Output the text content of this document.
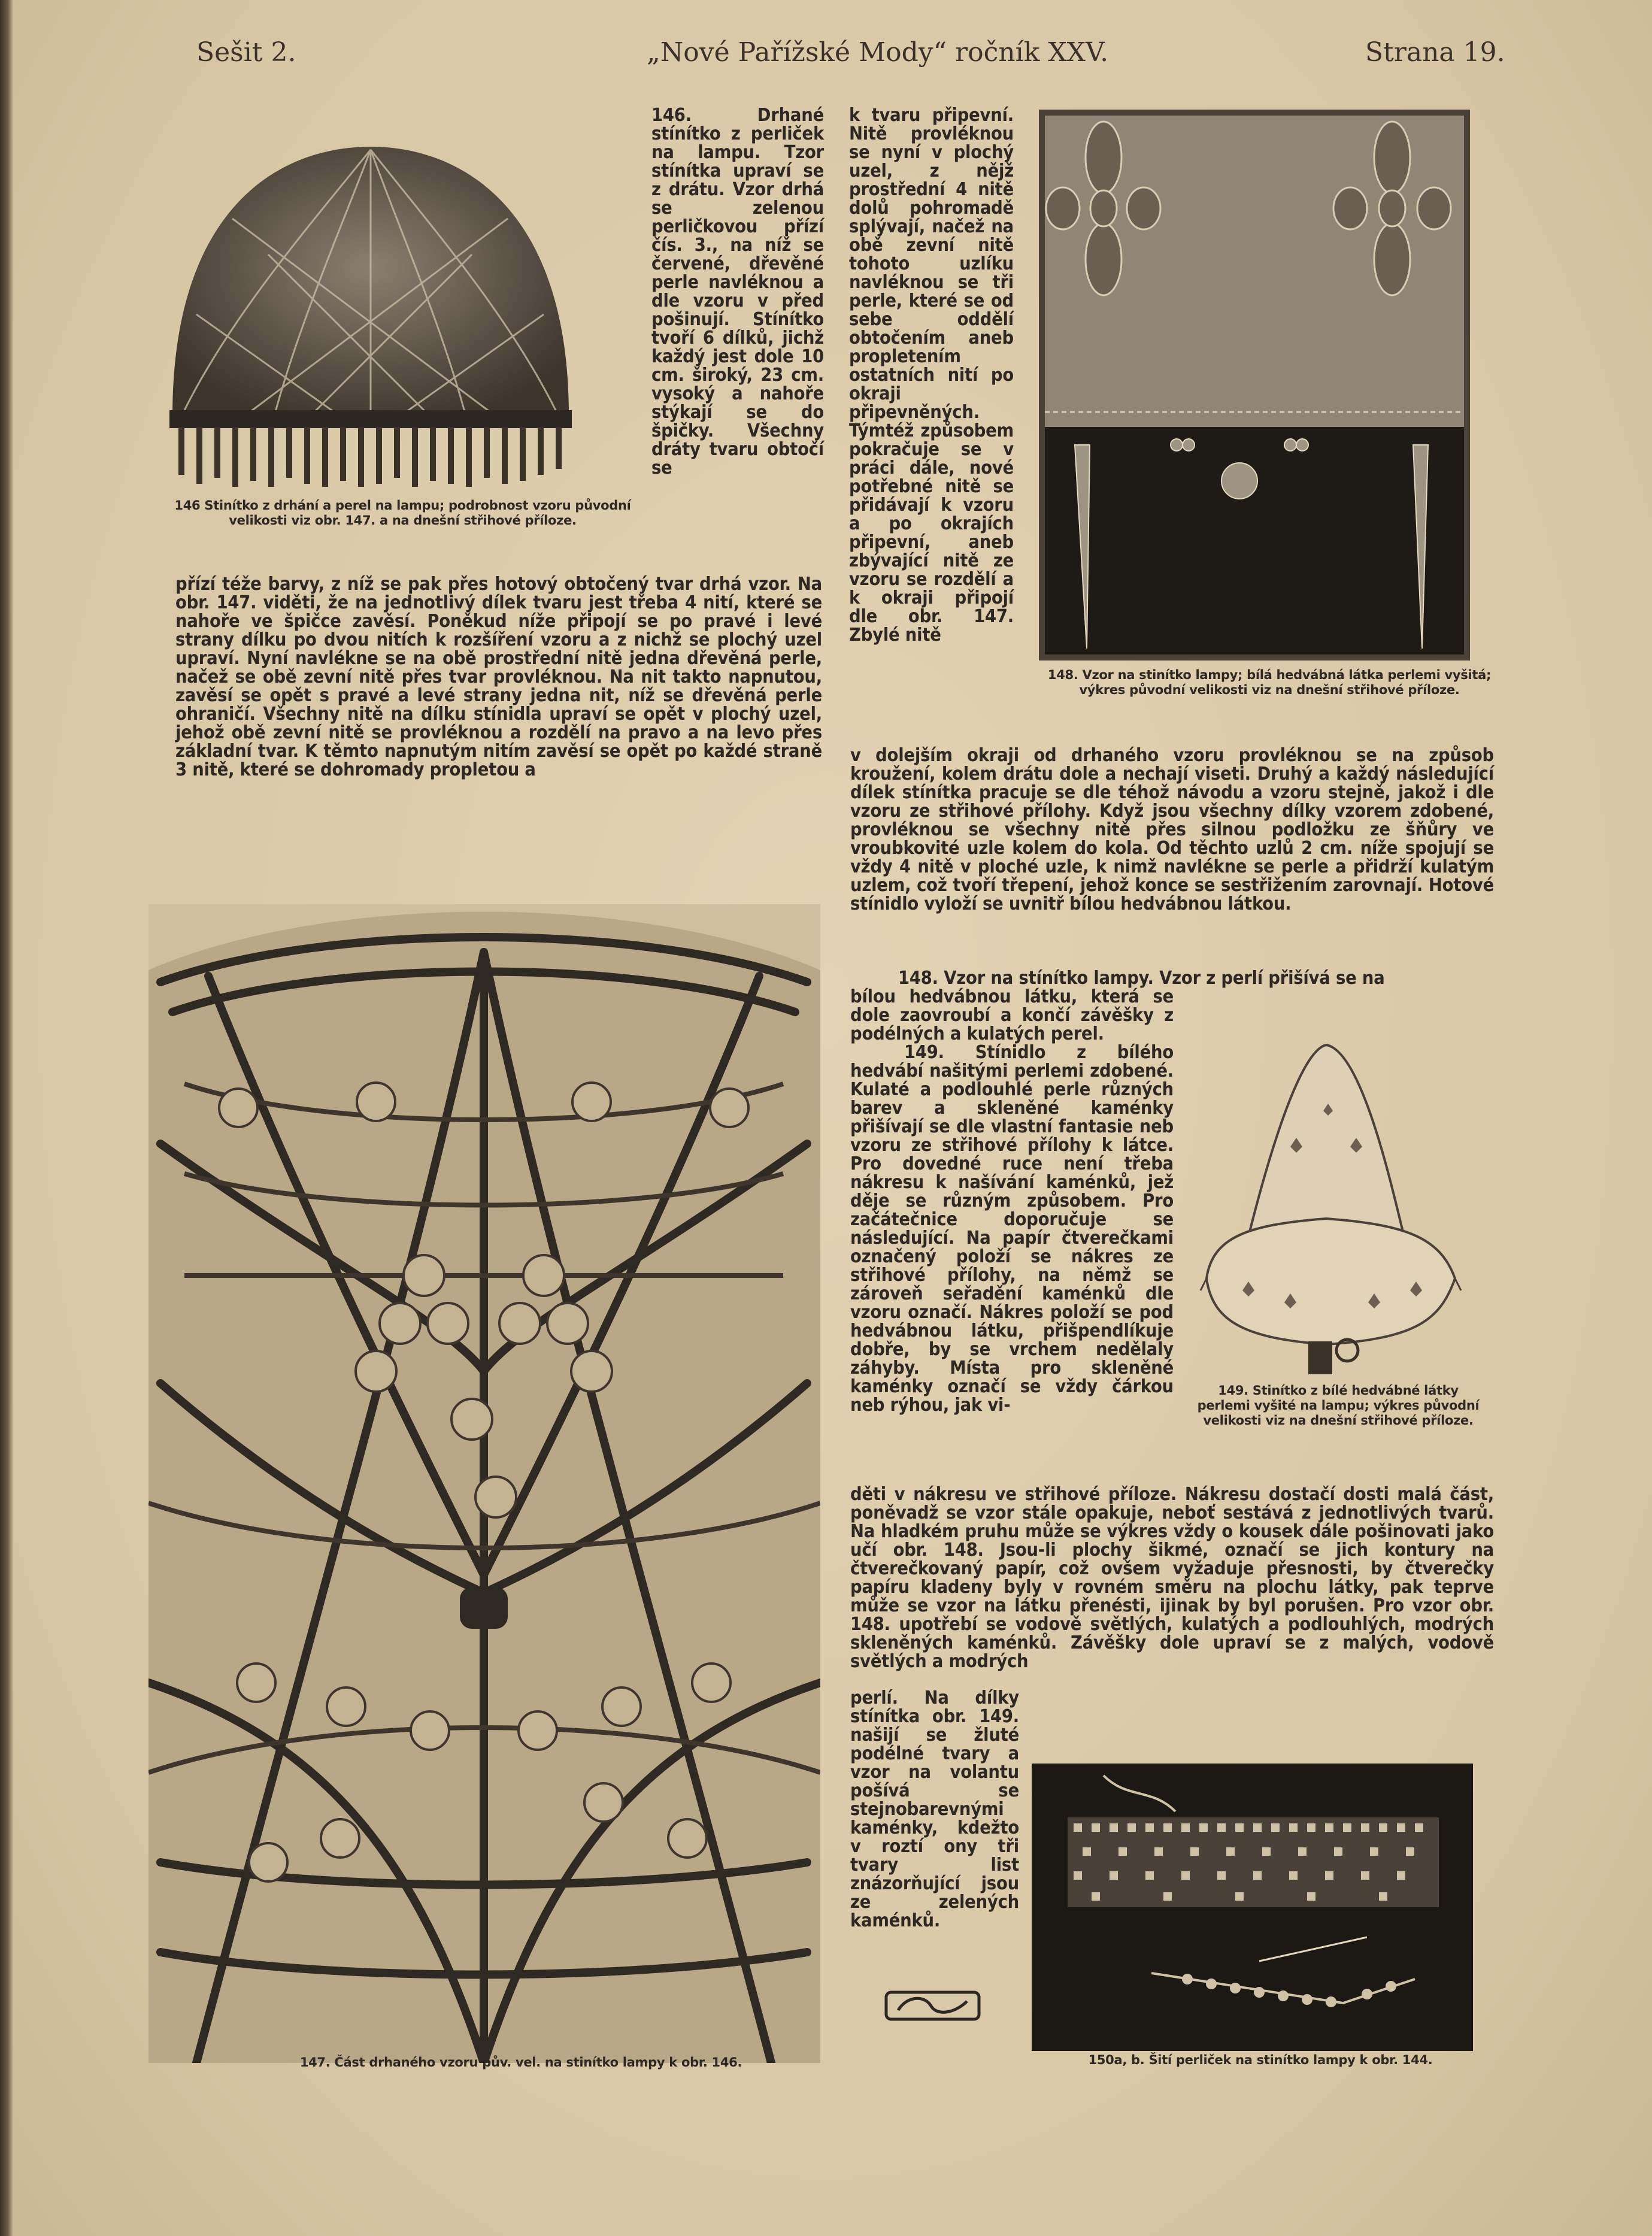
Sešit 2.	„Nové Pařížské Mody“ ročník XXV.	Strana 19.
146 Stinítko z drhání a perel na lampu; podrobnost vzoru původní velikosti viz obr. 147. a na dnešní střihové příloze.
146. Drhané stínítko z perliček na lampu. Tzor stínítka upraví se z drátu. Vzor drhá se zelenou perličkovou přízí čís. 3., na níž se červené, dřevěné perle navléknou a dle vzoru v před pošinují. Stínítko tvoří 6 dílků, jichž každý jest dole 10 cm. široký, 23 cm. vysoký a nahoře stýkají se do špičky. Všechny dráty tvaru obtočí se
přízí téže barvy, z níž se pak přes hotový obtočený tvar drhá vzor. Na obr. 147. viděti, že na jednotlivý dílek tvaru jest třeba 4 nití, které se nahoře ve špičce zavěsí. Poněkud níže připojí se po pravé i levé strany dílku po dvou nitích k rozšíření vzoru a z nichž se plochý uzel upraví. Nyní navlékne se na obě prostřední nitě jedna dřevěná perle, načež se obě zevní nitě přes tvar provléknou. Na nit takto napnutou, zavěsí se opět s pravé a levé strany jedna nit, níž se dřevěná perle ohraničí. Všechny nitě na dílku stínidla upraví se opět v plochý uzel, jehož obě zevní nitě se provléknou a rozdělí na pravo a na levo přes základní tvar. K těmto napnutým nitím zavěsí se opět po každé straně 3 nitě, které se dohromady propletou a
k tvaru připevní. Nitě provléknou se nyní v plochý uzel, z nějž prostřední 4 nitě dolů pohromadě splývají, načež na obě zevní nitě tohoto uzlíku navléknou se tři perle, které se od sebe oddělí obtočením aneb propletením ostatních nití po okraji připevněných. Týmtéž způsobem pokračuje se v práci dále, nové potřebné nitě se přidávají k vzoru a po okrajích připevní, aneb zbývající nitě ze vzoru se rozdělí a k okraji připojí dle obr. 147. Zbylé nitě
148. Vzor na stinítko lampy; bílá hedvábná látka perlemi vyšitá; výkres původní velikosti viz na dnešní střihové příloze.
147. Část drhaného vzoru pův. vel. na stinítko lampy k obr. 146.
v dolejším okraji od drhaného vzoru provléknou se na způsob kroužení, kolem drátu dole a nechají viseti. Druhý a každý následující dílek stínítka pracuje se dle téhož návodu a vzoru stejně, jakož i dle vzoru ze střihové přílohy. Když jsou všechny dílky vzorem zdobené, provléknou se všechny nitě přes silnou podložku ze šňůry ve vroubkovité uzle kolem do kola. Od těchto uzlů 2 cm. níže spojují se vždy 4 nitě v ploché uzle, k nimž navlékne se perle a přidrží kulatým uzlem, což tvoří třepení, jehož konce se sestřižením zarovnají. Hotové stínidlo vyloží se uvnitř bílou hedvábnou látkou.
148. Vzor na stínítko lampy. Vzor z perlí přišívá se na
bílou hedvábnou látku, která se dole zaovroubí a končí závěšky z podélných a kulatých perel.
149. Stínidlo z bílého hedvábí našitými perlemi zdobené. Kulaté a podlouhlé perle různých barev a skleněné kaménky přišívají se dle vlastní fantasie neb vzoru ze střihové přílohy k látce. Pro dovedné ruce není třeba nákresu k našívání kaménků, jež děje se různým způsobem. Pro začátečnice doporučuje se následující. Na papír čtverečkami označený položí se nákres ze střihové přílohy, na němž se zároveň seřadění kaménků dle vzoru označí. Nákres položí se pod hedvábnou látku, přišpendlíkuje dobře, by se vrchem nedělaly záhyby. Místa pro skleněné kaménky označí se vždy čárkou neb rýhou, jak vi-
149. Stinítko z bílé hedvábné látky perlemi vyšité na lampu; výkres původní velikosti viz na dnešní střihové příloze.
děti v nákresu ve střihové příloze. Nákresu dostačí dosti malá část, poněvadž se vzor stále opakuje, neboť sestává z jednotlivých tvarů. Na hladkém pruhu může se výkres vždy o kousek dále pošinovati jako učí obr. 148. Jsou-li plochy šikmé, označí se jich kontury na čtverečkovaný papír, což ovšem vyžaduje přesnosti, by čtverečky papíru kladeny byly v rovném směru na plochu látky, pak teprve může se vzor na látku přenésti, ijinak by byl porušen. Pro vzor obr. 148. upotřebí se vodově světlých, kulatých a podlouhlých, modrých skleněných kaménků. Závěšky dole upraví se z malých, vodově světlých a modrých
perlí. Na dílky stínítka obr. 149. našijí se žluté podélné tvary a vzor na volantu pošívá se stejnobarevnými kaménky, kdežto v roztí ony tři tvary list znázorňující jsou ze zelených kaménků.
150a, b. Šití perliček na stinítko lampy k obr. 144.
